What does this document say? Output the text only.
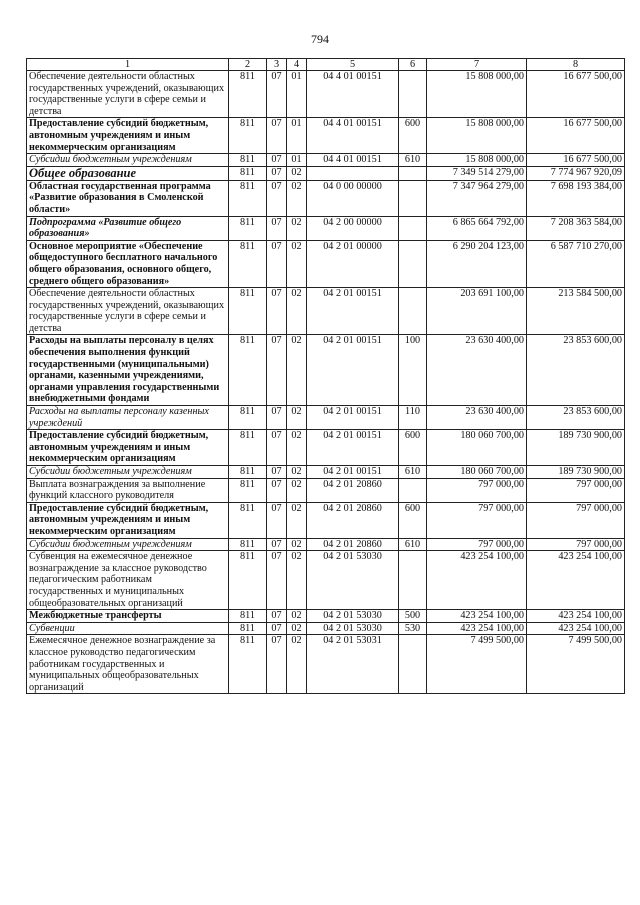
794
1	2	3	4	5	6	7	8
Обеспечение деятельности областных государственных учреждений, оказывающих государственные услуги в сфере семьи и детства	811	07	01	04 4 01 00151		15 808 000,00	16 677 500,00
Предоставление субсидий бюджетным, автономным учреждениям и иным некоммерческим организациям	811	07	01	04 4 01 00151	600	15 808 000,00	16 677 500,00
Субсидии бюджетным учреждениям	811	07	01	04 4 01 00151	610	15 808 000,00	16 677 500,00
Общее образование	811	07	02			7 349 514 279,00	7 774 967 920,09
Областная государственная программа «Развитие образования в Смоленской области»	811	07	02	04 0 00 00000		7 347 964 279,00	7 698 193 384,00
Подпрограмма «Развитие общего образования»	811	07	02	04 2 00 00000		6 865 664 792,00	7 208 363 584,00
Основное мероприятие «Обеспечение общедоступного бесплатного начального общего образования, основного общего, среднего общего образования»	811	07	02	04 2 01 00000		6 290 204 123,00	6 587 710 270,00
Обеспечение деятельности областных государственных учреждений, оказывающих государственные услуги в сфере семьи и детства	811	07	02	04 2 01 00151		203 691 100,00	213 584 500,00
Расходы на выплаты персоналу в целях обеспечения выполнения функций государственными (муниципальными) органами, казенными учреждениями, органами управления государственными внебюджетными фондами	811	07	02	04 2 01 00151	100	23 630 400,00	23 853 600,00
Расходы на выплаты персоналу казенных учреждений	811	07	02	04 2 01 00151	110	23 630 400,00	23 853 600,00
Предоставление субсидий бюджетным, автономным учреждениям и иным некоммерческим организациям	811	07	02	04 2 01 00151	600	180 060 700,00	189 730 900,00
Субсидии бюджетным учреждениям	811	07	02	04 2 01 00151	610	180 060 700,00	189 730 900,00
Выплата вознаграждения за выполнение функций классного руководителя	811	07	02	04 2 01 20860		797 000,00	797 000,00
Предоставление субсидий бюджетным, автономным учреждениям и иным некоммерческим организациям	811	07	02	04 2 01 20860	600	797 000,00	797 000,00
Субсидии бюджетным учреждениям	811	07	02	04 2 01 20860	610	797 000,00	797 000,00
Субвенция на ежемесячное денежное вознаграждение за классное руководство педагогическим работникам государственных и муниципальных общеобразовательных организаций	811	07	02	04 2 01 53030		423 254 100,00	423 254 100,00
Межбюджетные трансферты	811	07	02	04 2 01 53030	500	423 254 100,00	423 254 100,00
Субвенции	811	07	02	04 2 01 53030	530	423 254 100,00	423 254 100,00
Ежемесячное денежное вознаграждение за классное руководство педагогическим работникам государственных и муниципальных общеобразовательных организаций	811	07	02	04 2 01 53031		7 499 500,00	7 499 500,00
